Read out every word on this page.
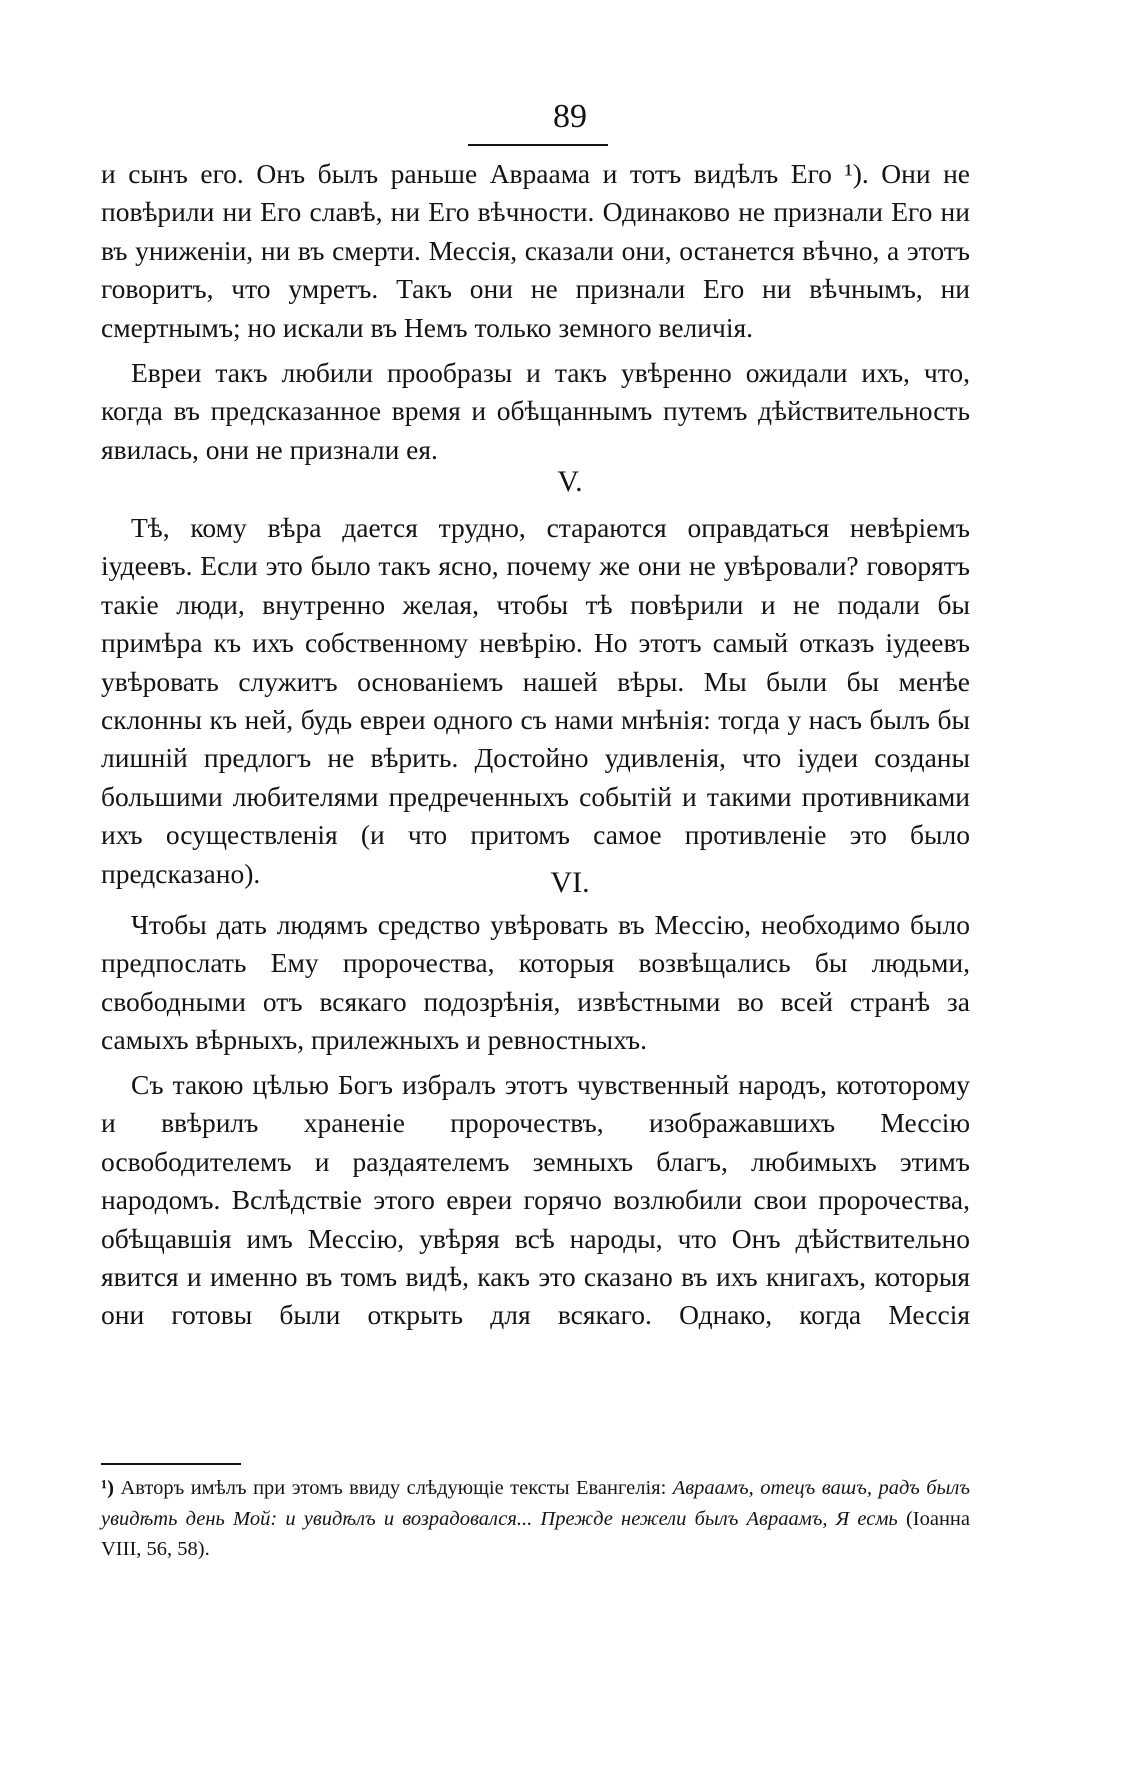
89

и сынъ его. Онъ былъ раньше Авраама и тотъ видѣлъ Его ¹). Они не повѣрили ни Его славѣ, ни Его вѣчности. Одинаково не признали Его ни въ униженіи, ни въ смерти. Мессія, сказали они, останется вѣчно, а этотъ говоритъ, что умретъ. Такъ они не признали Его ни вѣчнымъ, ни смертнымъ; но искали въ Немъ только земного величія.

Евреи такъ любили прообразы и такъ увѣренно ожидали ихъ, что, когда въ предсказанное время и обѣщаннымъ путемъ дѣйствительность явилась, они не признали ея.

V.

Тѣ, кому вѣра дается трудно, стараются оправдаться невѣріемъ іудеевъ. Если это было такъ ясно, почему же они не увѣровали? говорятъ такіе люди, внутренно желая, чтобы тѣ повѣрили и не подали бы примѣра къ ихъ собственному невѣрію. Но этотъ самый отказъ іудеевъ увѣровать служитъ основаніемъ нашей вѣры. Мы были бы менѣе склонны къ ней, будь евреи одного съ нами мнѣнія: тогда у насъ былъ бы лишній предлогъ не вѣрить. Достойно удивленія, что іудеи созданы большими любителями предреченныхъ событій и такими противниками ихъ осуществленія (и что притомъ самое противленіе это было предсказано).	VI.

Чтобы дать людямъ средство увѣровать въ Мессію, необходимо было предпослать Ему пророчества, которыя возвѣщались бы людьми, свободными отъ всякаго подозрѣнія, извѣстными во всей странѣ за самыхъ вѣрныхъ, прилежныхъ и ревностныхъ.

Съ такою цѣлью Богъ избралъ этотъ чувственный народъ, кототорому и ввѣрилъ храненіе пророчествъ, изображавшихъ Мессію освободителемъ и раздаятелемъ земныхъ благъ, любимыхъ этимъ народомъ. Вслѣдствіе этого евреи горячо возлюбили свои пророчества, обѣщавшія имъ Мессію, увѣряя всѣ народы, что Онъ дѣйствительно явится и именно въ томъ видѣ, какъ это сказано въ ихъ книгахъ, которыя они готовы были открыть для всякаго. Однако, когда Мессія

¹) Авторъ имѣлъ при этомъ ввиду слѣдующіе тексты Евангелія: Авраамъ, отецъ вашъ, радъ былъ увидѣть день Мой: и увидѣлъ и возрадовался... Прежде нежели былъ Авраамъ, Я есмь (Іоанна VIII, 56, 58).
